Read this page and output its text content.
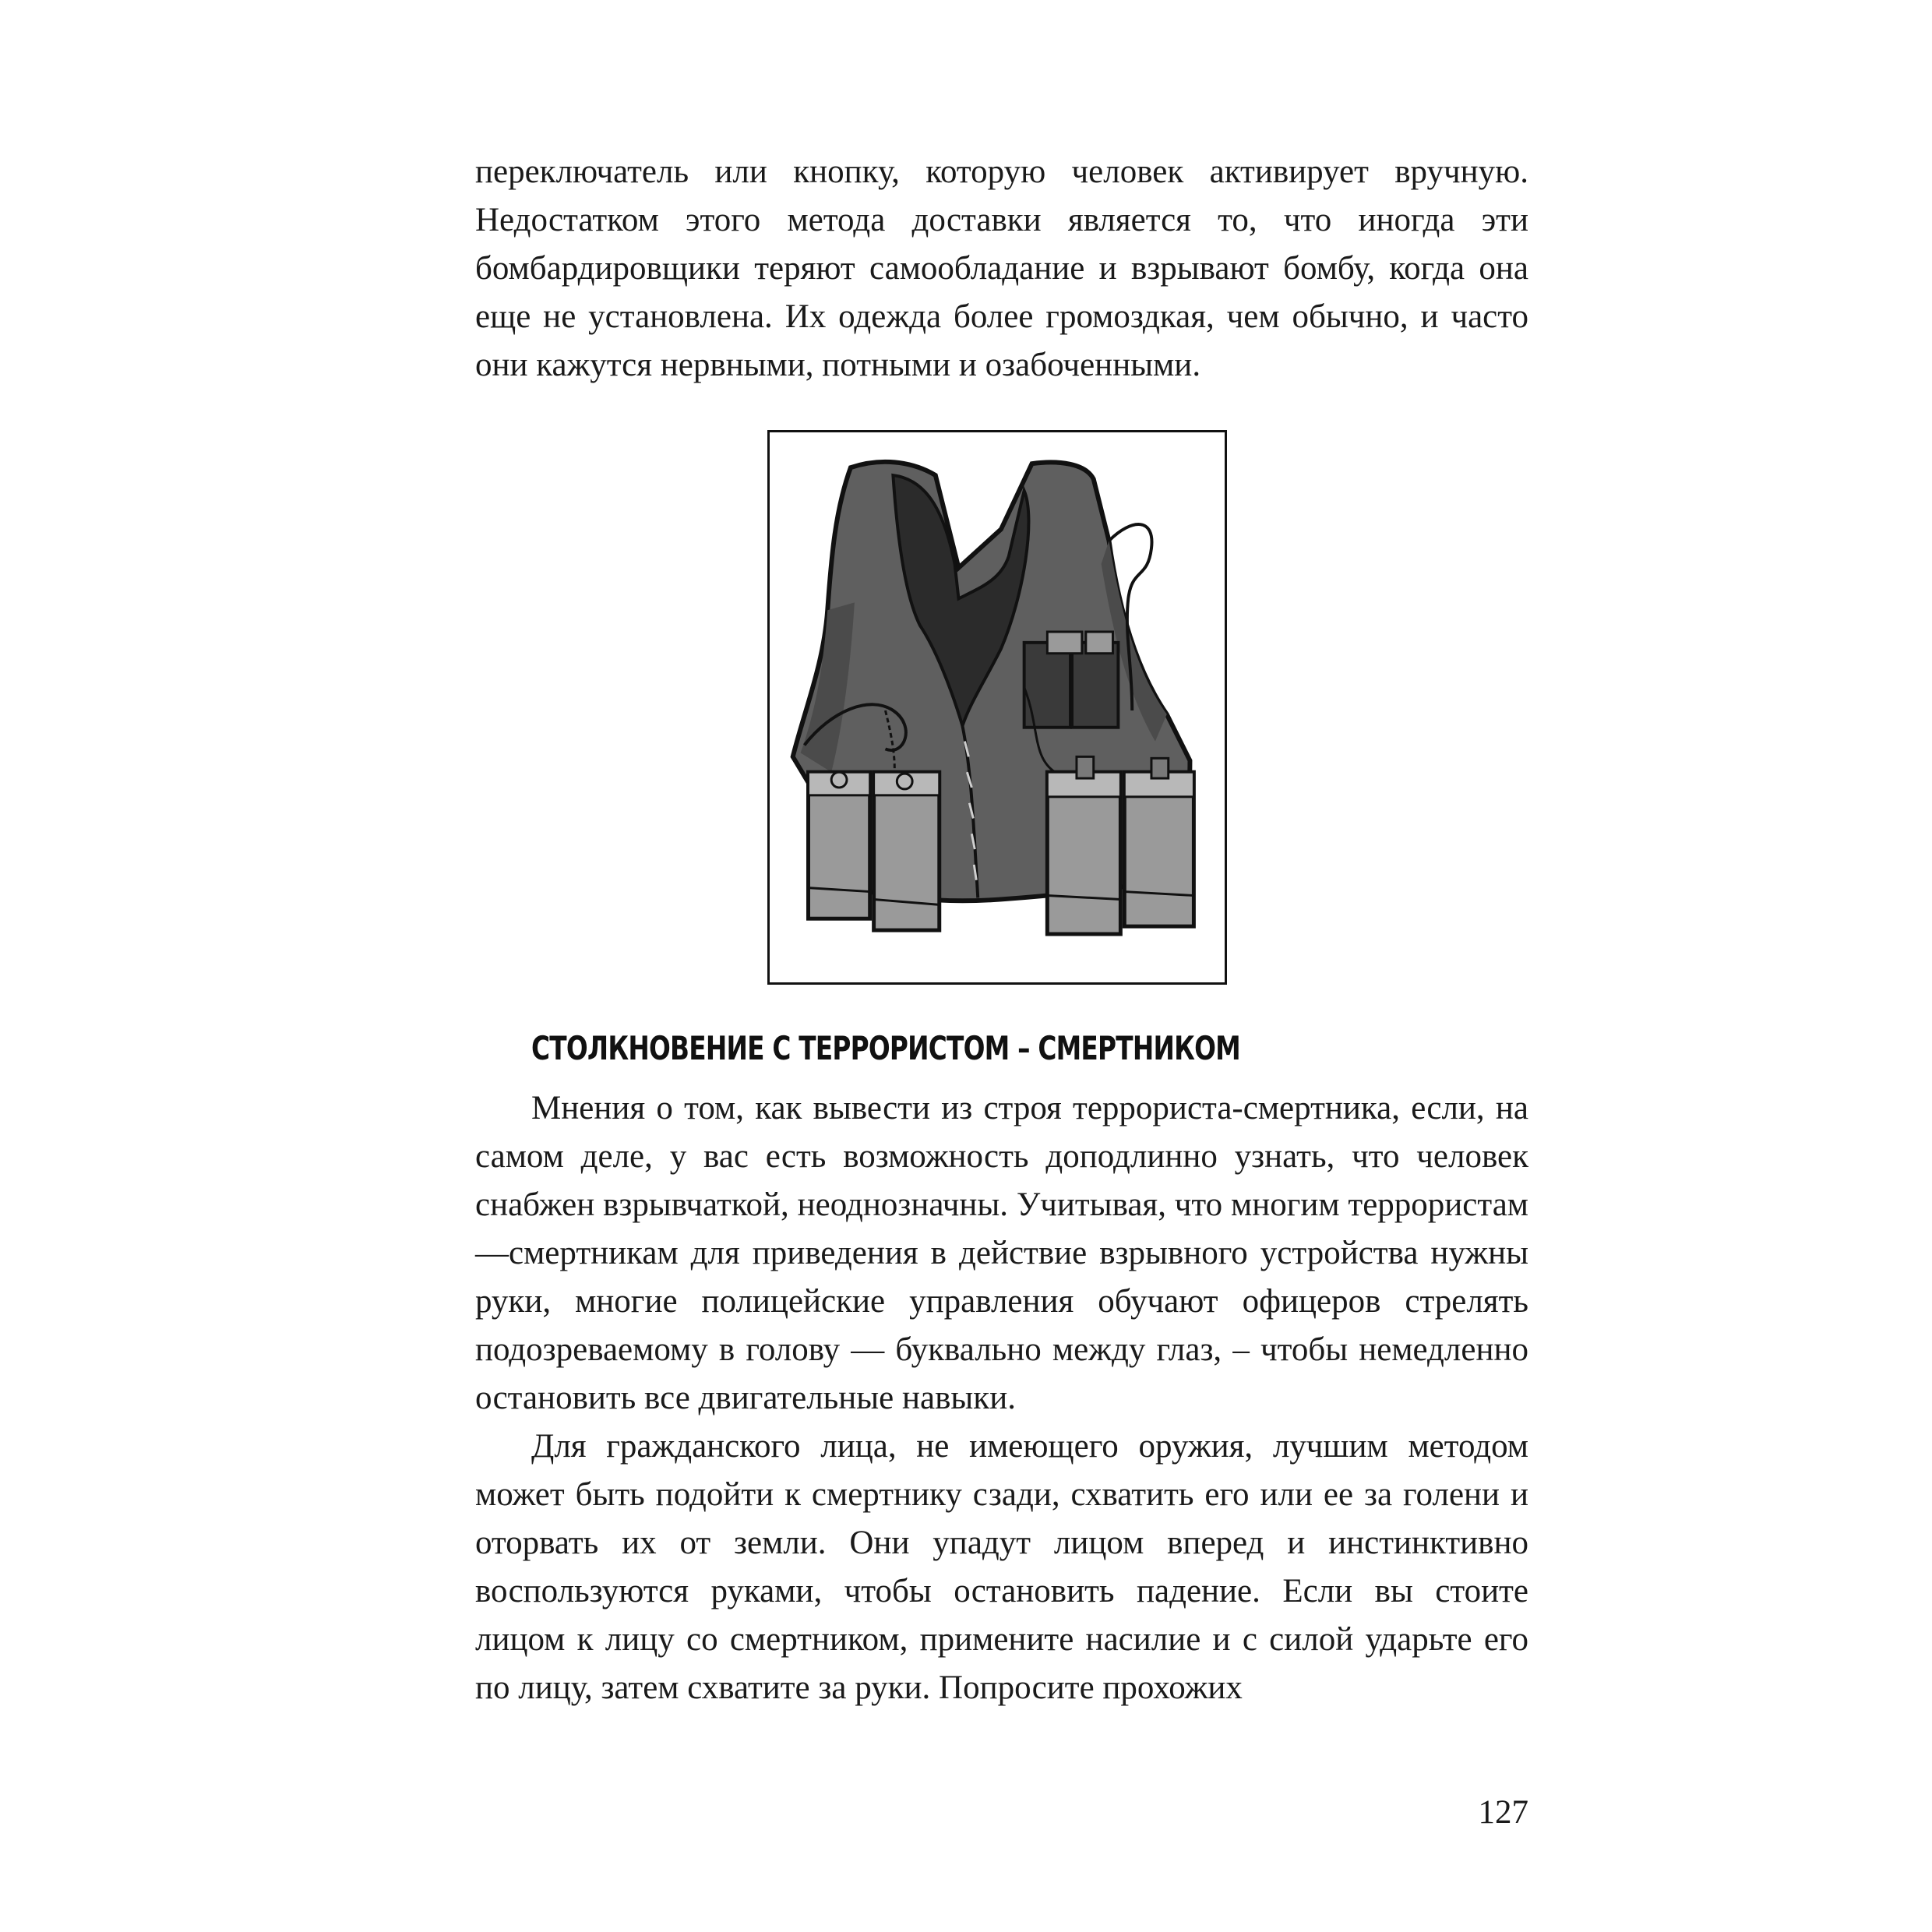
переключатель или кнопку, которую человек активирует вручную. Недостатком этого метода доставки является то, что иногда эти бомбардировщики теряют самообладание и взрывают бомбу, когда она еще не установлена. Их одежда более громоздкая, чем обычно, и часто они кажутся нервными, потными и озабоченными.

СТОЛКНОВЕНИЕ С ТЕРРОРИСТОМ – СМЕРТНИКОМ

Мнения о том, как вывести из строя террориста-смертника, если, на самом деле, у вас есть возможность доподлинно узнать, что человек снабжен взрывчаткой, неоднозначны. Учитывая, что многим террористам—смертникам для приведения в действие взрывного устройства нужны руки, многие полицейские управления обучают офицеров стрелять подозреваемому в голову — буквально между глаз, – чтобы немедленно остановить все двигательные навыки.

Для гражданского лица, не имеющего оружия, лучшим методом может быть подойти к смертнику сзади, схватить его или ее за голени и оторвать их от земли. Они упадут лицом вперед и инстинктивно воспользуются руками, чтобы остановить падение. Если вы стоите лицом к лицу со смертником, примените насилие и с силой ударьте его по лицу, затем схватите за руки. Попросите прохожих

127
